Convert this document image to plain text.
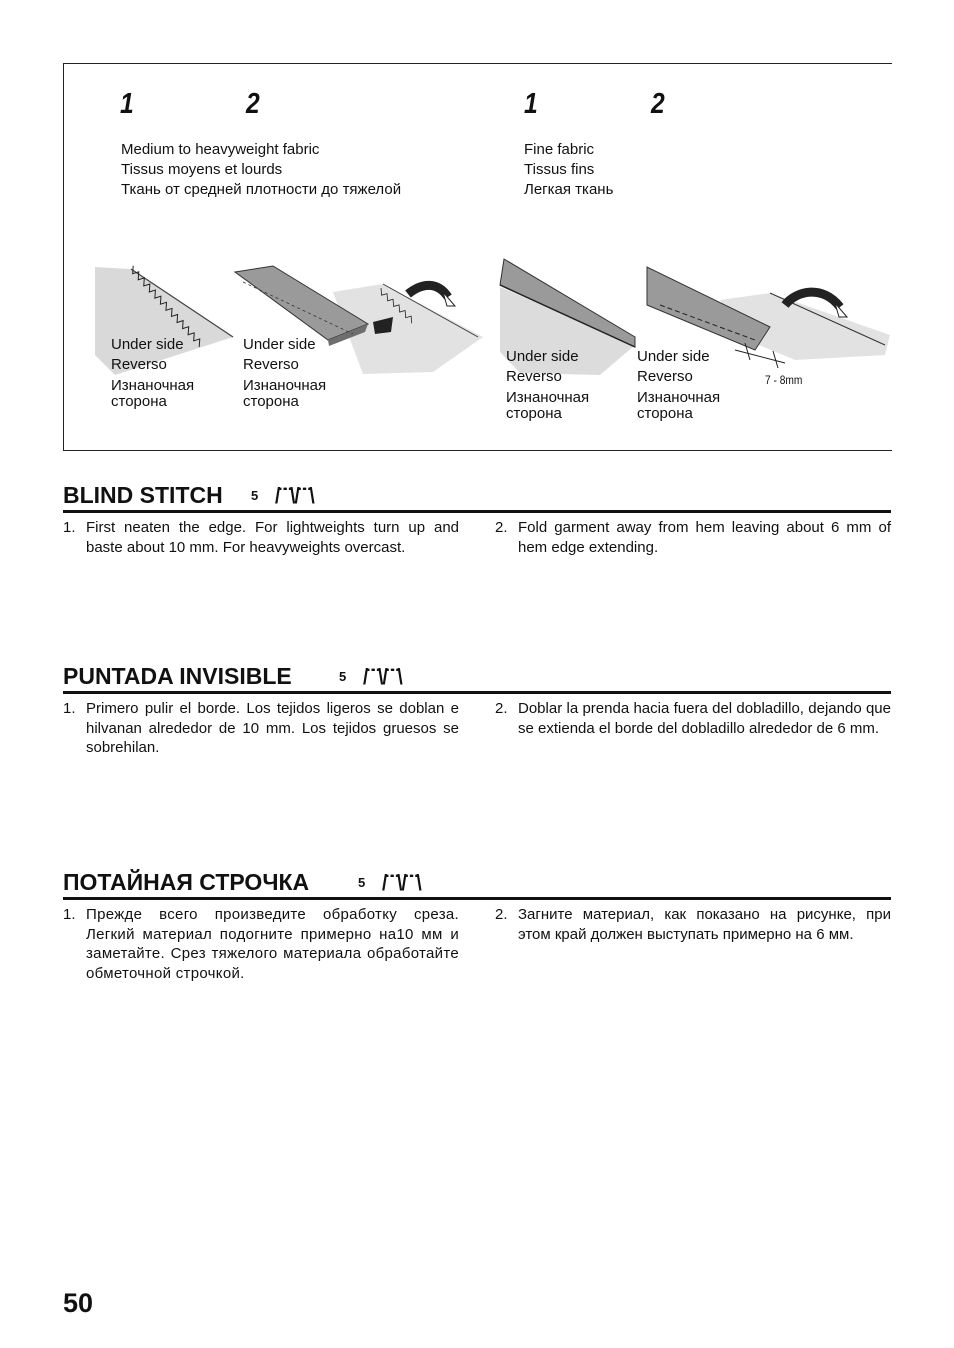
1	2	1	2
Medium to heavyweight fabric
Tissus moyens et lourds
Ткань от средней плотности до тяжелой
Fine fabric
Tissus fins
Легкая ткань
Under side
Reverso
Изнаночная сторона
Under side
Reverso
Изнаночная сторона
Under side
Reverso
Изнаночная сторона
Under side
Reverso
Изнаночная сторона
7 - 8mm
BLIND STITCH 5 /¨¨\/¨¨\
1. First neaten the edge. For lightweights turn up and baste about 10 mm. For heavyweights overcast.
2. Fold garment away from hem leaving about 6 mm of hem edge extending.
PUNTADA INVISIBLE	5 /¨¨\/¨¨\
1. Primero pulir el borde. Los tejidos ligeros se doblan e hilvanan alrededor de 10 mm. Los tejidos gruesos se sobrehilan.
2. Doblar la prenda hacia fuera del dobladillo, dejando que se extienda el borde del dobladillo alrededor de 6 mm.
ПОТАЙНАЯ СТРОЧКА	5 /¨¨\/¨¨\
1. Прежде всего произведите обработку среза. Легкий материал подогните примерно на10 мм и заметайте. Срез тяжелого материала обработайте обметочной строчкой.
2. Загните материал, как показано на рисунке, при этом край должен выступать примерно на 6 мм.
50
